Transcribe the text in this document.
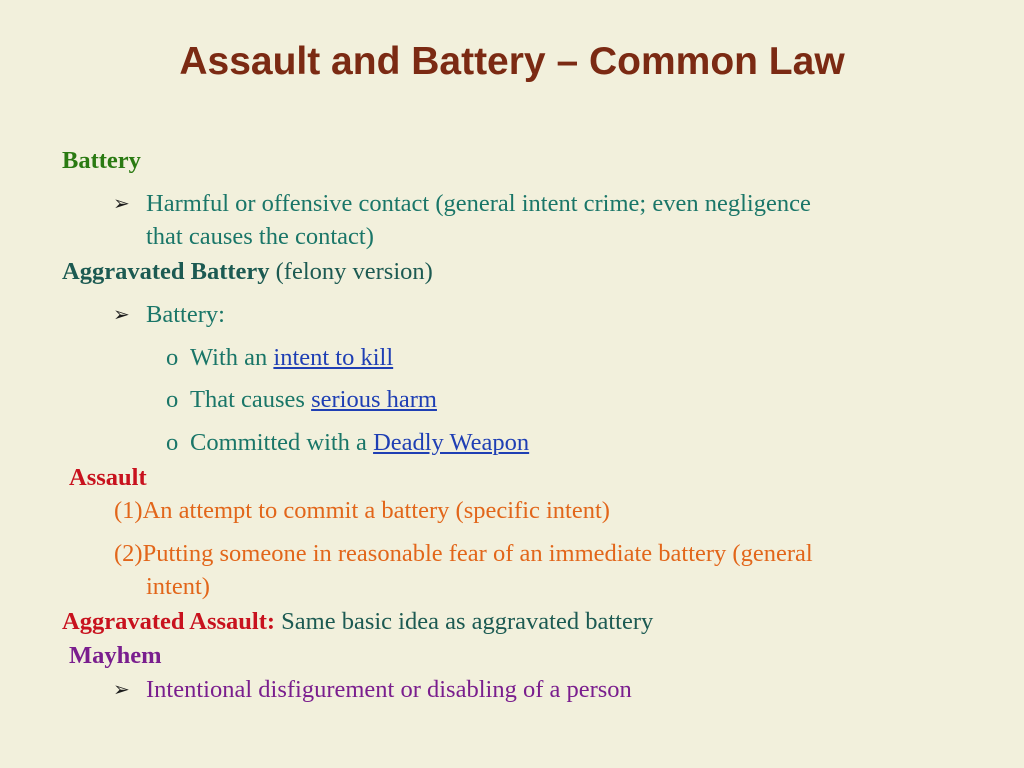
Assault and Battery – Common Law
Battery
➢ Harmful or offensive contact (general intent crime; even negligence
that causes the contact)
Aggravated Battery (felony version)
➢ Battery:
o With an intent to kill
o That causes serious harm
o Committed with a Deadly Weapon
Assault
(1)An attempt to commit a battery (specific intent)
(2)Putting someone in reasonable fear of an immediate battery (general
intent)
Aggravated Assault: Same basic idea as aggravated battery
Mayhem
➢ Intentional disfigurement or disabling of a person
